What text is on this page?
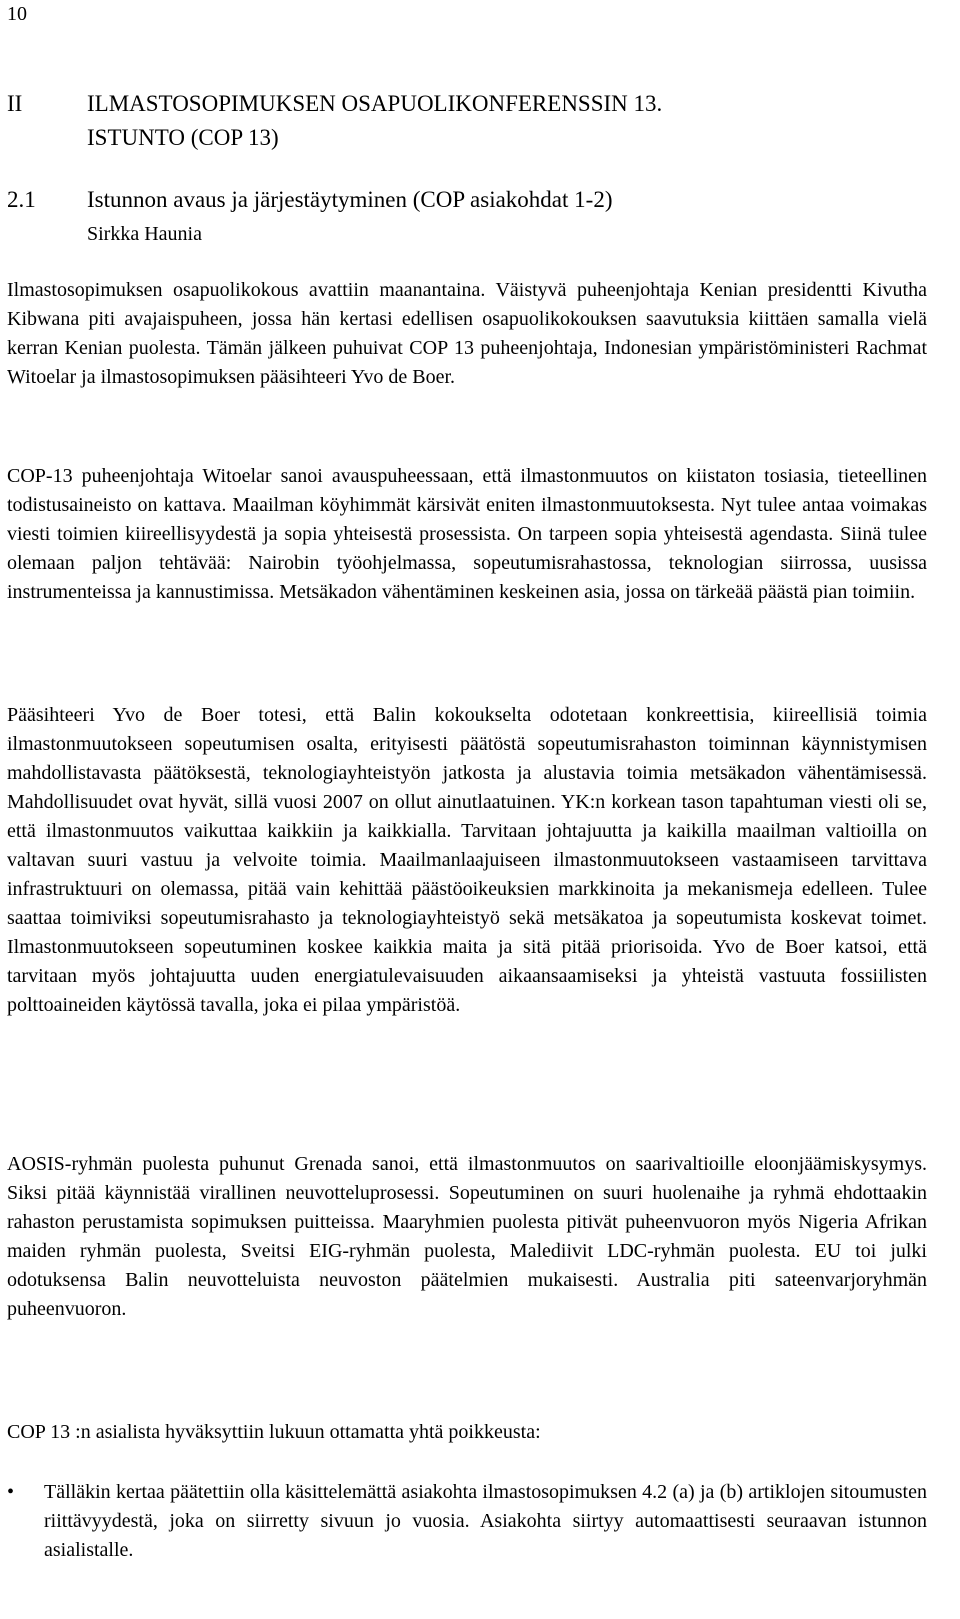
10
II	ILMASTOSOPIMUKSEN OSAPUOLIKONFERENSSIN 13.
ISTUNTO (COP 13)
2.1	Istunnon avaus ja järjestäytyminen (COP asiakohdat 1-2)
Sirkka Haunia

Ilmastosopimuksen osapuolikokous avattiin maanantaina. Väistyvä puheenjohtaja Kenian presidentti Kivutha Kibwana piti avajaispuheen, jossa hän kertasi edellisen osapuolikokouksen saavutuksia kiittäen samalla vielä kerran Kenian puolesta. Tämän jälkeen puhuivat COP 13 puheenjohtaja, Indonesian ympäristöministeri Rachmat Witoelar ja ilmastosopimuksen pääsihteeri Yvo de Boer.

COP-13 puheenjohtaja Witoelar sanoi avauspuheessaan, että ilmastonmuutos on kiistaton tosiasia, tieteellinen todistusaineisto on kattava. Maailman köyhimmät kärsivät eniten ilmastonmuutoksesta. Nyt tulee antaa voimakas viesti toimien kiireellisyydestä ja sopia yhteisestä prosessista. On tarpeen sopia yhteisestä agendasta. Siinä tulee olemaan paljon tehtävää: Nairobin työohjelmassa, sopeutumisrahastossa, teknologian siirrossa, uusissa instrumenteissa ja kannustimissa. Metsäkadon vähentäminen keskeinen asia, jossa on tärkeää päästä pian toimiin.

Pääsihteeri Yvo de Boer totesi, että Balin kokoukselta odotetaan konkreettisia, kiireellisiä toimia ilmastonmuutokseen sopeutumisen osalta, erityisesti päätöstä sopeutumisrahaston toiminnan käynnistymisen mahdollistavasta päätöksestä, teknologiayhteistyön jatkosta ja alustavia toimia metsäkadon vähentämisessä. Mahdollisuudet ovat hyvät, sillä vuosi 2007 on ollut ainutlaatuinen. YK:n korkean tason tapahtuman viesti oli se, että ilmastonmuutos vaikuttaa kaikkiin ja kaikkialla. Tarvitaan johtajuutta ja kaikilla maailman valtioilla on valtavan suuri vastuu ja velvoite toimia. Maailmanlaajuiseen ilmastonmuutokseen vastaamiseen tarvittava infrastruktuuri on olemassa, pitää vain kehittää päästöoikeuksien markkinoita ja mekanismeja edelleen. Tulee saattaa toimiviksi sopeutumisrahasto ja teknologiayhteistyö sekä metsäkatoa ja sopeutumista koskevat toimet. Ilmastonmuutokseen sopeutuminen koskee kaikkia maita ja sitä pitää priorisoida. Yvo de Boer katsoi, että tarvitaan myös johtajuutta uuden energiatulevaisuuden aikaansaamiseksi ja yhteistä vastuuta fossiilisten polttoaineiden käytössä tavalla, joka ei pilaa ympäristöä.

AOSIS-ryhmän puolesta puhunut Grenada sanoi, että ilmastonmuutos on saarivaltioille eloonjäämiskysymys. Siksi pitää käynnistää virallinen neuvotteluprosessi. Sopeutuminen on suuri huolenaihe ja ryhmä ehdottaakin rahaston perustamista sopimuksen puitteissa. Maaryhmien puolesta pitivät puheenvuoron myös Nigeria Afrikan maiden ryhmän puolesta, Sveitsi EIG-ryhmän puolesta, Malediivit LDC-ryhmän puolesta. EU toi julki odotuksensa Balin neuvotteluista neuvoston päätelmien mukaisesti. Australia piti sateenvarjoryhmän puheenvuoron.

COP 13 :n asialista hyväksyttiin lukuun ottamatta yhtä poikkeusta:

•	Tälläkin kertaa päätettiin olla käsittelemättä asiakohta ilmastosopimuksen 4.2 (a) ja (b) artiklojen sitoumusten riittävyydestä, joka on siirretty sivuun jo vuosia. Asiakohta siirtyy automaattisesti seuraavan istunnon asialistalle.
